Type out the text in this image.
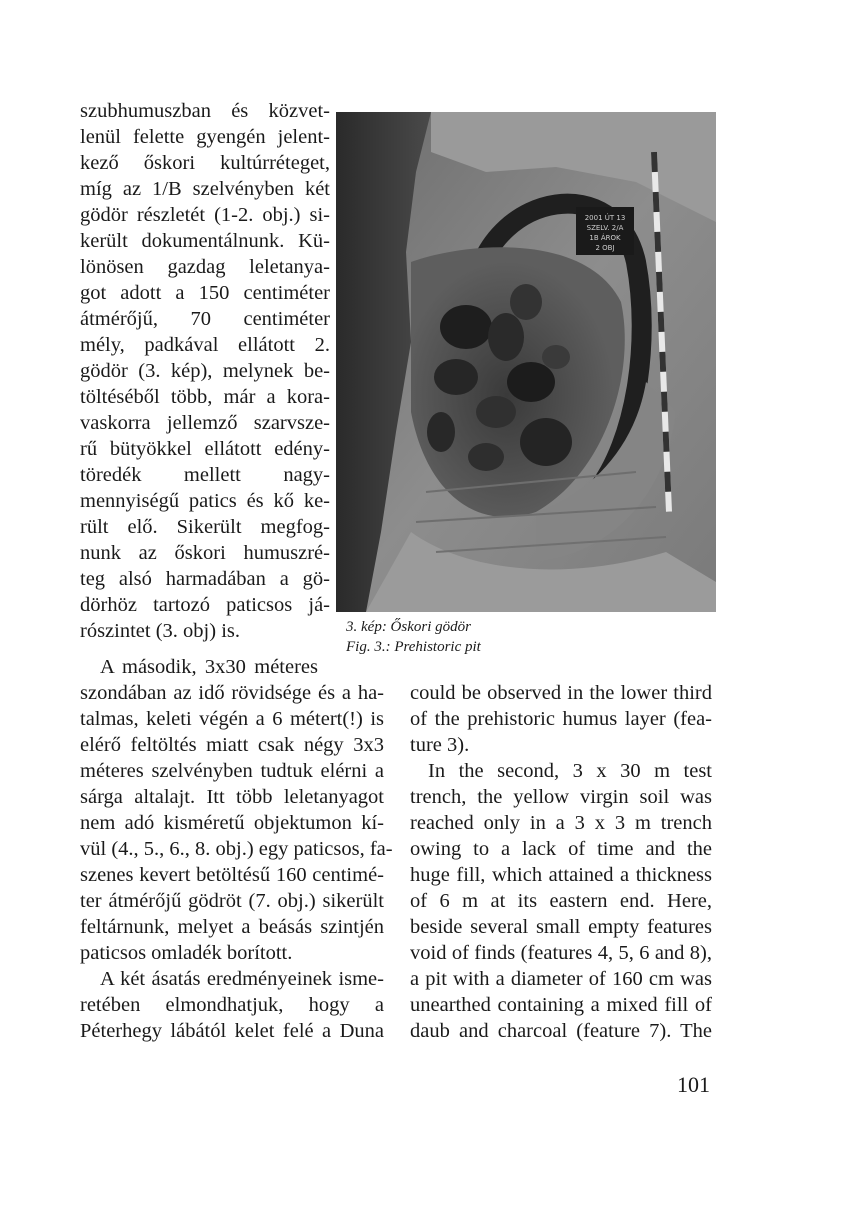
szubhumuszban és közvet-
lenül felette gyengén jelent-
kező őskori kultúrréteget,
míg az 1/B szelvényben két
gödör részletét (1-2. obj.) si-
került dokumentálnunk. Kü-
lönösen gazdag leletanya-
got adott a 150 centiméter
átmérőjű, 70 centiméter
mély, padkával ellátott 2.
gödör (3. kép), melynek be-
töltéséből több, már a kora-
vaskorra jellemző szarvsze-
rű bütyökkel ellátott edény-
töredék mellett nagy-
mennyiségű patics és kő ke-
rült elő. Sikerült megfog-
nunk az őskori humuszré-
teg alsó harmadában a gö-
dörhöz tartozó paticsos já-
rószintet (3. obj) is.
2001 ÚT 13
SZELV. 2/A
1B ÁROK
2 OBJ
3. kép: Őskori gödör
Fig. 3.: Prehistoric pit
A második, 3x30 méteres
szondában az idő rövidsége és a ha-
talmas, keleti végén a 6 métert(!) is
elérő feltöltés miatt csak négy 3x3
méteres szelvényben tudtuk elérni a
sárga altalajt. Itt több leletanyagot
nem adó kisméretű objektumon kí-
vül (4., 5., 6., 8. obj.) egy paticsos, fa-
szenes kevert betöltésű 160 centimé-
ter átmérőjű gödröt (7. obj.) sikerült
feltárnunk, melyet a beásás szintjén
paticsos omladék borított.
A két ásatás eredményeinek isme-
retében elmondhatjuk, hogy a
Péterhegy lábától kelet felé a Duna
could be observed in the lower third
of the prehistoric humus layer (fea-
ture 3).
In the second, 3 x 30 m test
trench, the yellow virgin soil was
reached only in a 3 x 3 m trench
owing to a lack of time and the
huge fill, which attained a thickness
of 6 m at its eastern end. Here,
beside several small empty features
void of finds (features 4, 5, 6 and 8),
a pit with a diameter of 160 cm was
unearthed containing a mixed fill of
daub and charcoal (feature 7). The
101
